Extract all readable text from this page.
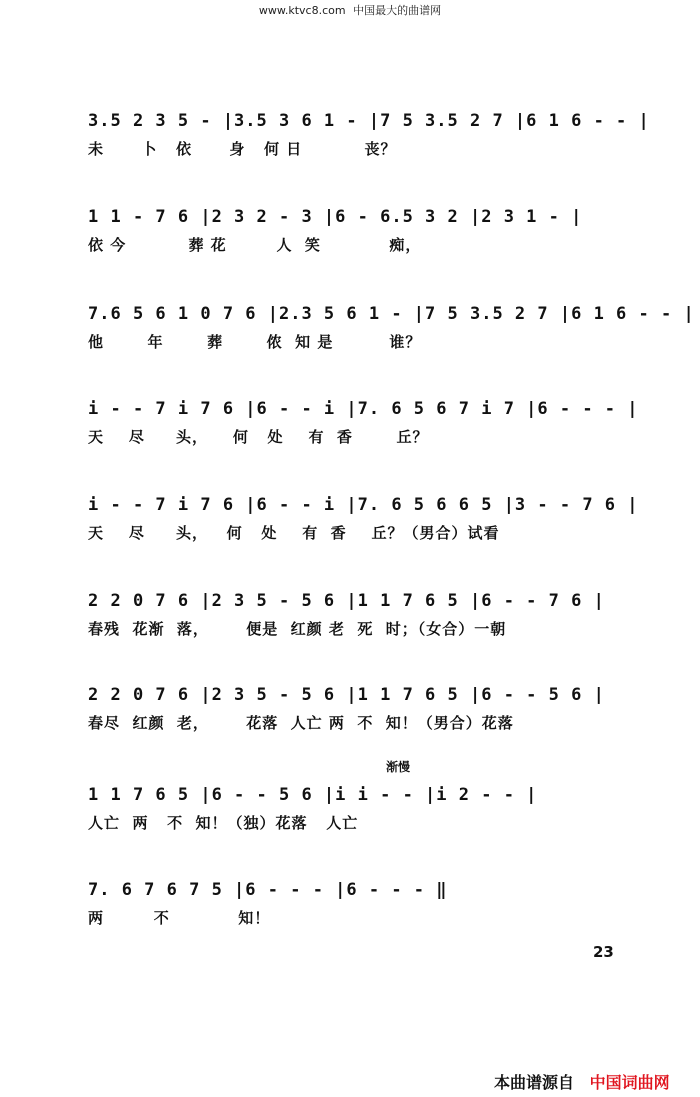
www.ktvc8.com 中国最大的曲谱网
3.5 2 3 5 - |3.5 3 6 1 - |7 5 3.5 2 7 |6 1 6 - - |
未      卜   依      身   何 日          丧？
1 1 - 7 6 |2 3 2 - 3 |6 - 6.5 3 2 |2 3 1 - |
依 今          葬 花        人  笑           痴，
7.6 5 6 1 0 7 6 |2.3 5 6 1 - |7 5 3.5 2 7 |6 1 6 - - |
他       年       葬       侬  知 是         谁？
i - - 7 i 7 6 |6 - - i |7. 6 5 6 7 i 7 |6 - - - |
天    尽     头，    何   处    有  香       丘？
i - - 7 i 7 6 |6 - - i |7. 6 5 6 6 5 |3 - - 7 6 |
天    尽     头，   何   处    有  香    丘？（男合）试看
2 2 0 7 6 |2 3 5 - 5 6 |1 1 7 6 5 |6 - - 7 6 |
春残  花渐  落，      便是  红颜 老  死  时；（女合）一朝
2 2 0 7 6 |2 3 5 - 5 6 |1 1 7 6 5 |6 - - 5 6 |
春尽  红颜  老，      花落  人亡 两  不  知！（男合）花落
渐慢
1 1 7 6 5 |6 - - 5 6 |i i - - |i 2 - - |
人亡  两   不  知！（独）花落   人亡
7. 6 7 6 7 5 |6 - - - |6 - - - ‖
两        不           知！
23
本曲谱源自 中国词曲网
